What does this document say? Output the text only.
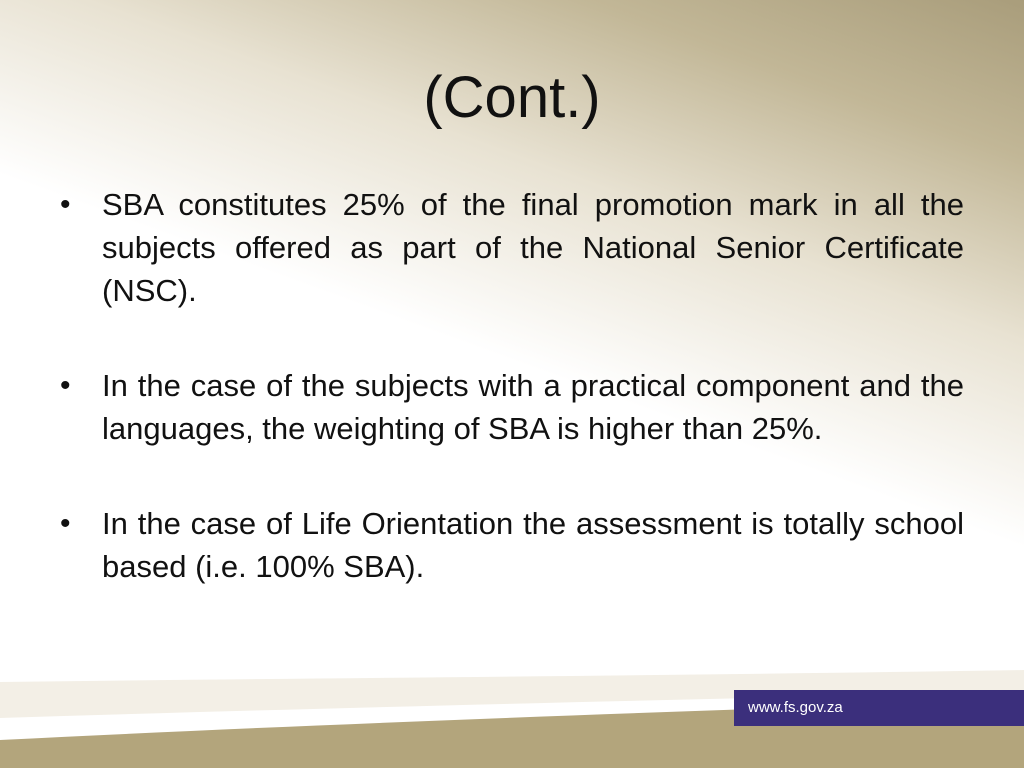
(Cont.)
• SBA constitutes 25% of the final promotion mark in all the subjects offered as part of the National Senior Certificate (NSC).
• In the case of the subjects with a practical component and the languages, the weighting of SBA is higher than 25%.
• In the case of Life Orientation the assessment is totally school based (i.e. 100% SBA).
www.fs.gov.za
